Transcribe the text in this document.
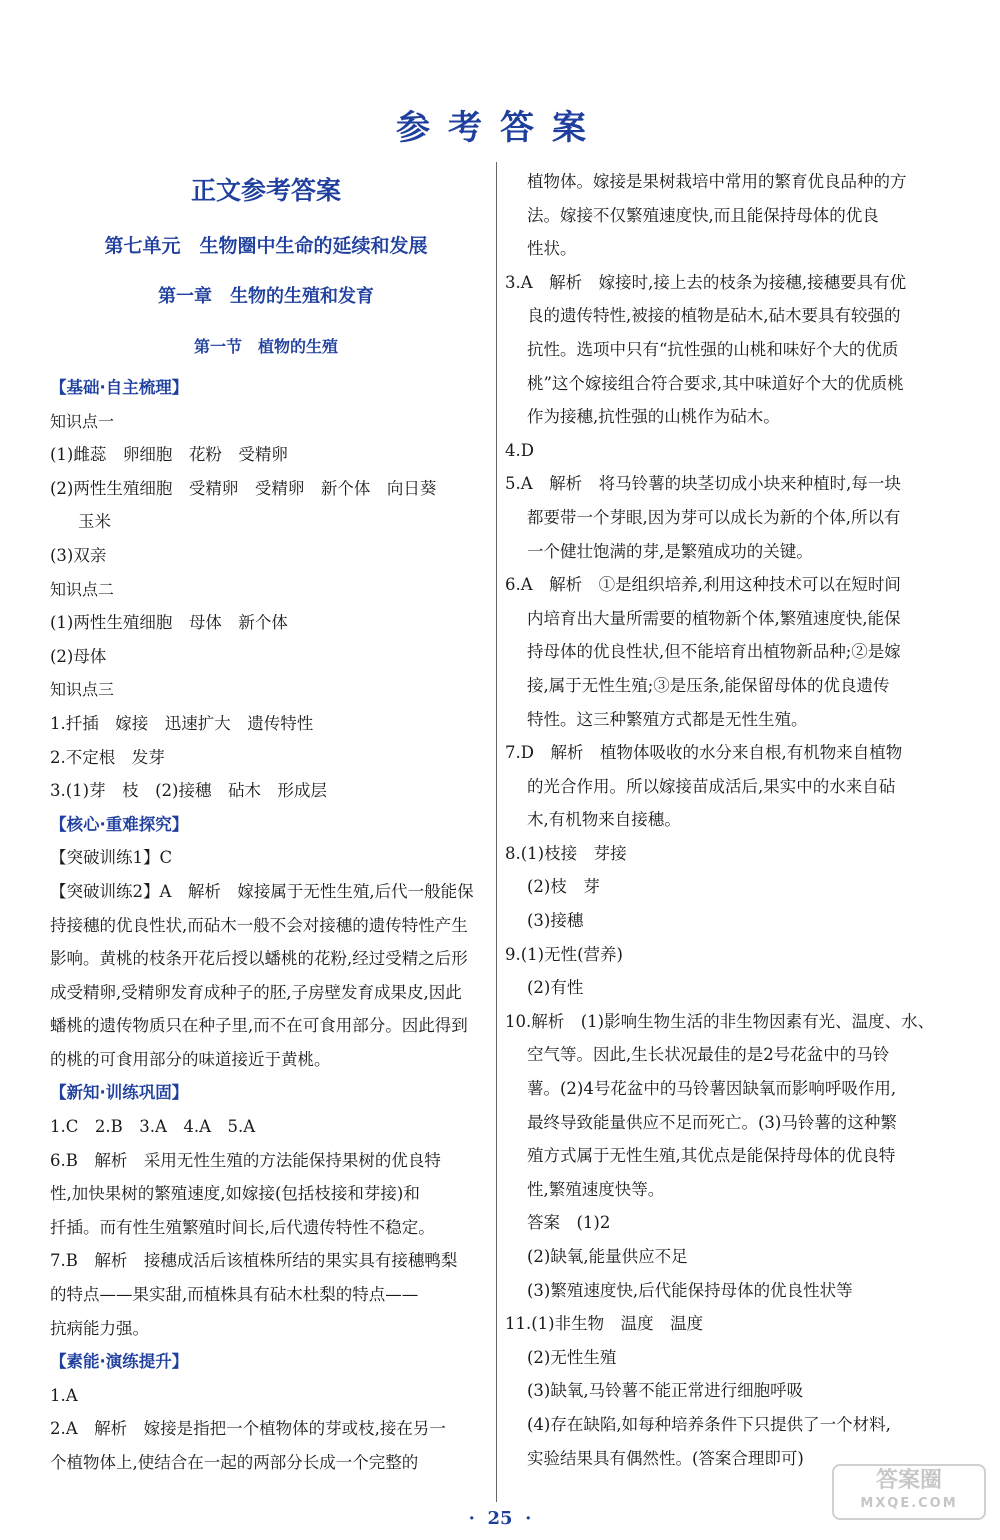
参考答案
正文参考答案
第七单元　生物圈中生命的延续和发展
第一章　生物的生殖和发育
第一节　植物的生殖
【基础·自主梳理】
知识点一
(1)雌蕊　卵细胞　花粉　受精卵
(2)两性生殖细胞　受精卵　受精卵　新个体　向日葵
玉米
(3)双亲
知识点二
(1)两性生殖细胞　母体　新个体
(2)母体
知识点三
1.扦插　嫁接　迅速扩大　遗传特性
2.不定根　发芽
3.(1)芽　枝　(2)接穗　砧木　形成层
【核心·重难探究】
【突破训练1】C
【突破训练2】A　解析　嫁接属于无性生殖,后代一般能保
持接穗的优良性状,而砧木一般不会对接穗的遗传特性产生
影响。黄桃的枝条开花后授以蟠桃的花粉,经过受精之后形
成受精卵,受精卵发育成种子的胚,子房壁发育成果皮,因此
蟠桃的遗传物质只在种子里,而不在可食用部分。因此得到
的桃的可食用部分的味道接近于黄桃。
【新知·训练巩固】
1.C　2.B　3.A　4.A　5.A
6.B　解析　采用无性生殖的方法能保持果树的优良特
性,加快果树的繁殖速度,如嫁接(包括枝接和芽接)和
扦插。而有性生殖繁殖时间长,后代遗传特性不稳定。
7.B　解析　接穗成活后该植株所结的果实具有接穗鸭梨
的特点——果实甜,而植株具有砧木杜梨的特点——
抗病能力强。
【素能·演练提升】
1.A
2.A　解析　嫁接是指把一个植物体的芽或枝,接在另一
个植物体上,使结合在一起的两部分长成一个完整的
植物体。嫁接是果树栽培中常用的繁育优良品种的方
法。嫁接不仅繁殖速度快,而且能保持母体的优良
性状。
3.A　解析　嫁接时,接上去的枝条为接穗,接穗要具有优
良的遗传特性,被接的植物是砧木,砧木要具有较强的
抗性。选项中只有“抗性强的山桃和味好个大的优质
桃”这个嫁接组合符合要求,其中味道好个大的优质桃
作为接穗,抗性强的山桃作为砧木。
4.D
5.A　解析　将马铃薯的块茎切成小块来种植时,每一块
都要带一个芽眼,因为芽可以成长为新的个体,所以有
一个健壮饱满的芽,是繁殖成功的关键。
6.A　解析　①是组织培养,利用这种技术可以在短时间
内培育出大量所需要的植物新个体,繁殖速度快,能保
持母体的优良性状,但不能培育出植物新品种;②是嫁
接,属于无性生殖;③是压条,能保留母体的优良遗传
特性。这三种繁殖方式都是无性生殖。
7.D　解析　植物体吸收的水分来自根,有机物来自植物
的光合作用。所以嫁接苗成活后,果实中的水来自砧
木,有机物来自接穗。
8.(1)枝接　芽接
(2)枝　芽
(3)接穗
9.(1)无性(营养)
(2)有性
10.解析　(1)影响生物生活的非生物因素有光、温度、水、
空气等。因此,生长状况最佳的是2号花盆中的马铃
薯。(2)4号花盆中的马铃薯因缺氧而影响呼吸作用,
最终导致能量供应不足而死亡。(3)马铃薯的这种繁
殖方式属于无性生殖,其优点是能保持母体的优良特
性,繁殖速度快等。
答案　(1)2
(2)缺氧,能量供应不足
(3)繁殖速度快,后代能保持母体的优良性状等
11.(1)非生物　温度　温度
(2)无性生殖
(3)缺氧,马铃薯不能正常进行细胞呼吸
(4)存在缺陷,如每种培养条件下只提供了一个材料,
实验结果具有偶然性。(答案合理即可)
·  25  ·
答案圈
MXQE.COM
